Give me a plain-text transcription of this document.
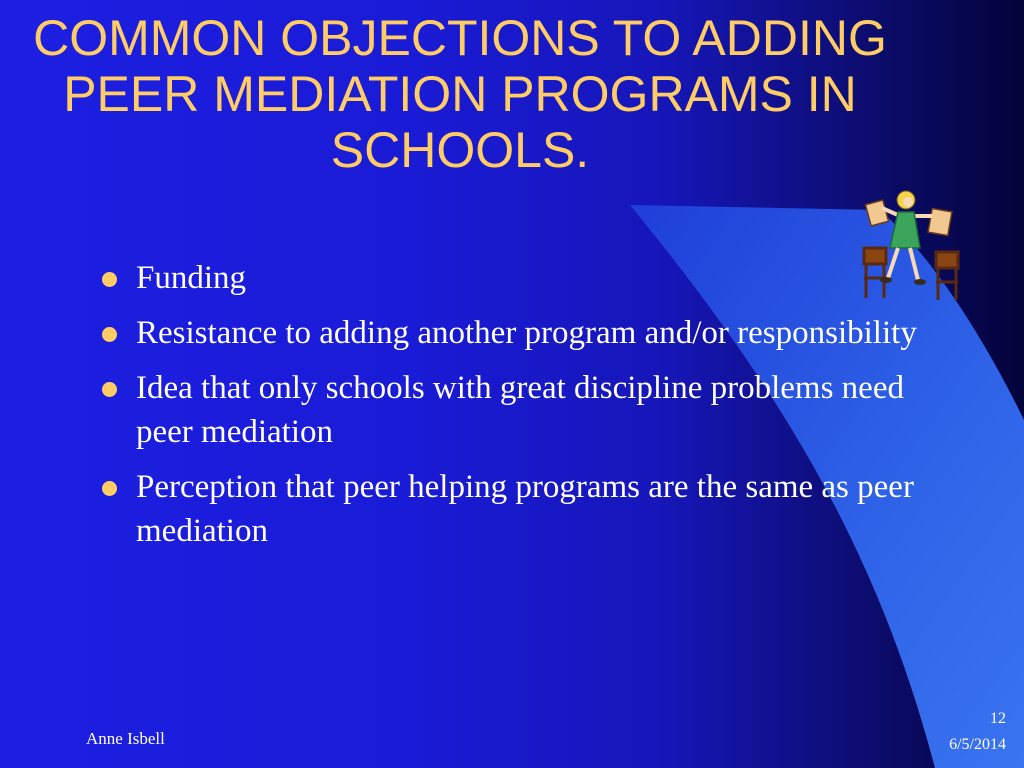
COMMON OBJECTIONS TO ADDING PEER MEDIATION PROGRAMS IN SCHOOLS.
Funding
Resistance to adding another program and/or responsibility
Idea that only schools with great discipline problems need peer mediation
Perception that peer helping programs are the same as peer mediation
Anne Isbell
12
6/5/2014
